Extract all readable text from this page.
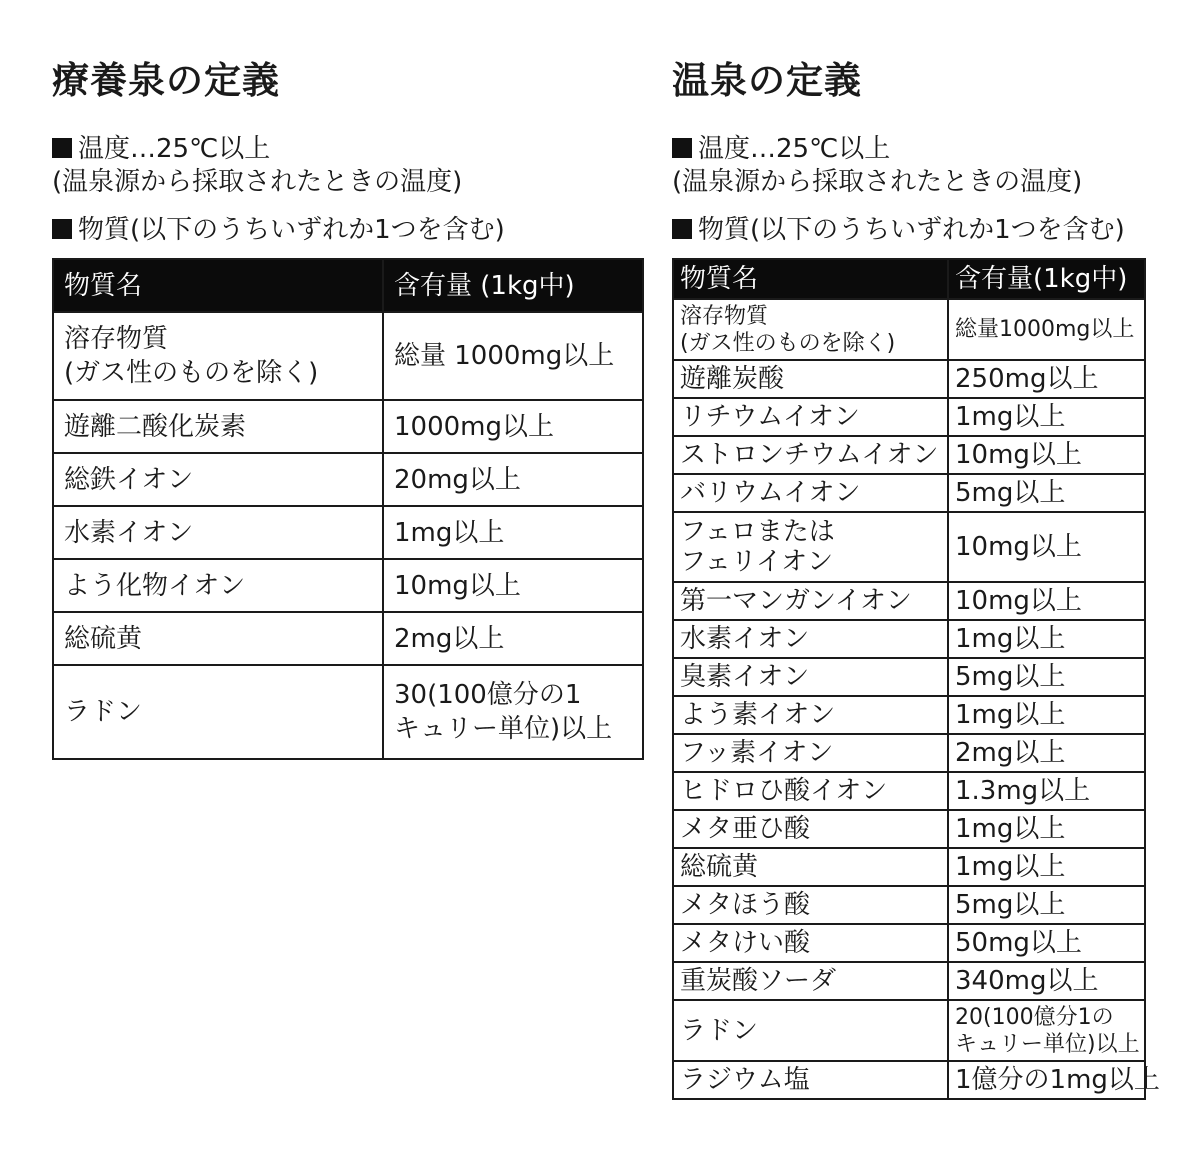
療養泉の定義
温度…25℃以上
(温泉源から採取されたときの温度)
物質(以下のうちいずれか1つを含む)
物質名	含有量 (1kg中)
溶存物質
(ガス性のものを除く)	総量 1000mg以上
遊離二酸化炭素	1000mg以上
総鉄イオン	20mg以上
水素イオン	1mg以上
よう化物イオン	10mg以上
総硫黄	2mg以上
ラドン	30(100億分の1
キュリー単位)以上
温泉の定義
温度…25℃以上
(温泉源から採取されたときの温度)
物質(以下のうちいずれか1つを含む)
物質名	含有量(1kg中)
溶存物質
(ガス性のものを除く)	総量1000mg以上
遊離炭酸	250mg以上
リチウムイオン	1mg以上
ストロンチウムイオン	10mg以上
バリウムイオン	5mg以上
フェロまたは
フェリイオン	10mg以上
第一マンガンイオン	10mg以上
水素イオン	1mg以上
臭素イオン	5mg以上
よう素イオン	1mg以上
フッ素イオン	2mg以上
ヒドロひ酸イオン	1.3mg以上
メタ亜ひ酸	1mg以上
総硫黄	1mg以上
メタほう酸	5mg以上
メタけい酸	50mg以上
重炭酸ソーダ	340mg以上
ラドン	20(100億分1の
キュリー単位)以上
ラジウム塩	1億分の1mg以上
